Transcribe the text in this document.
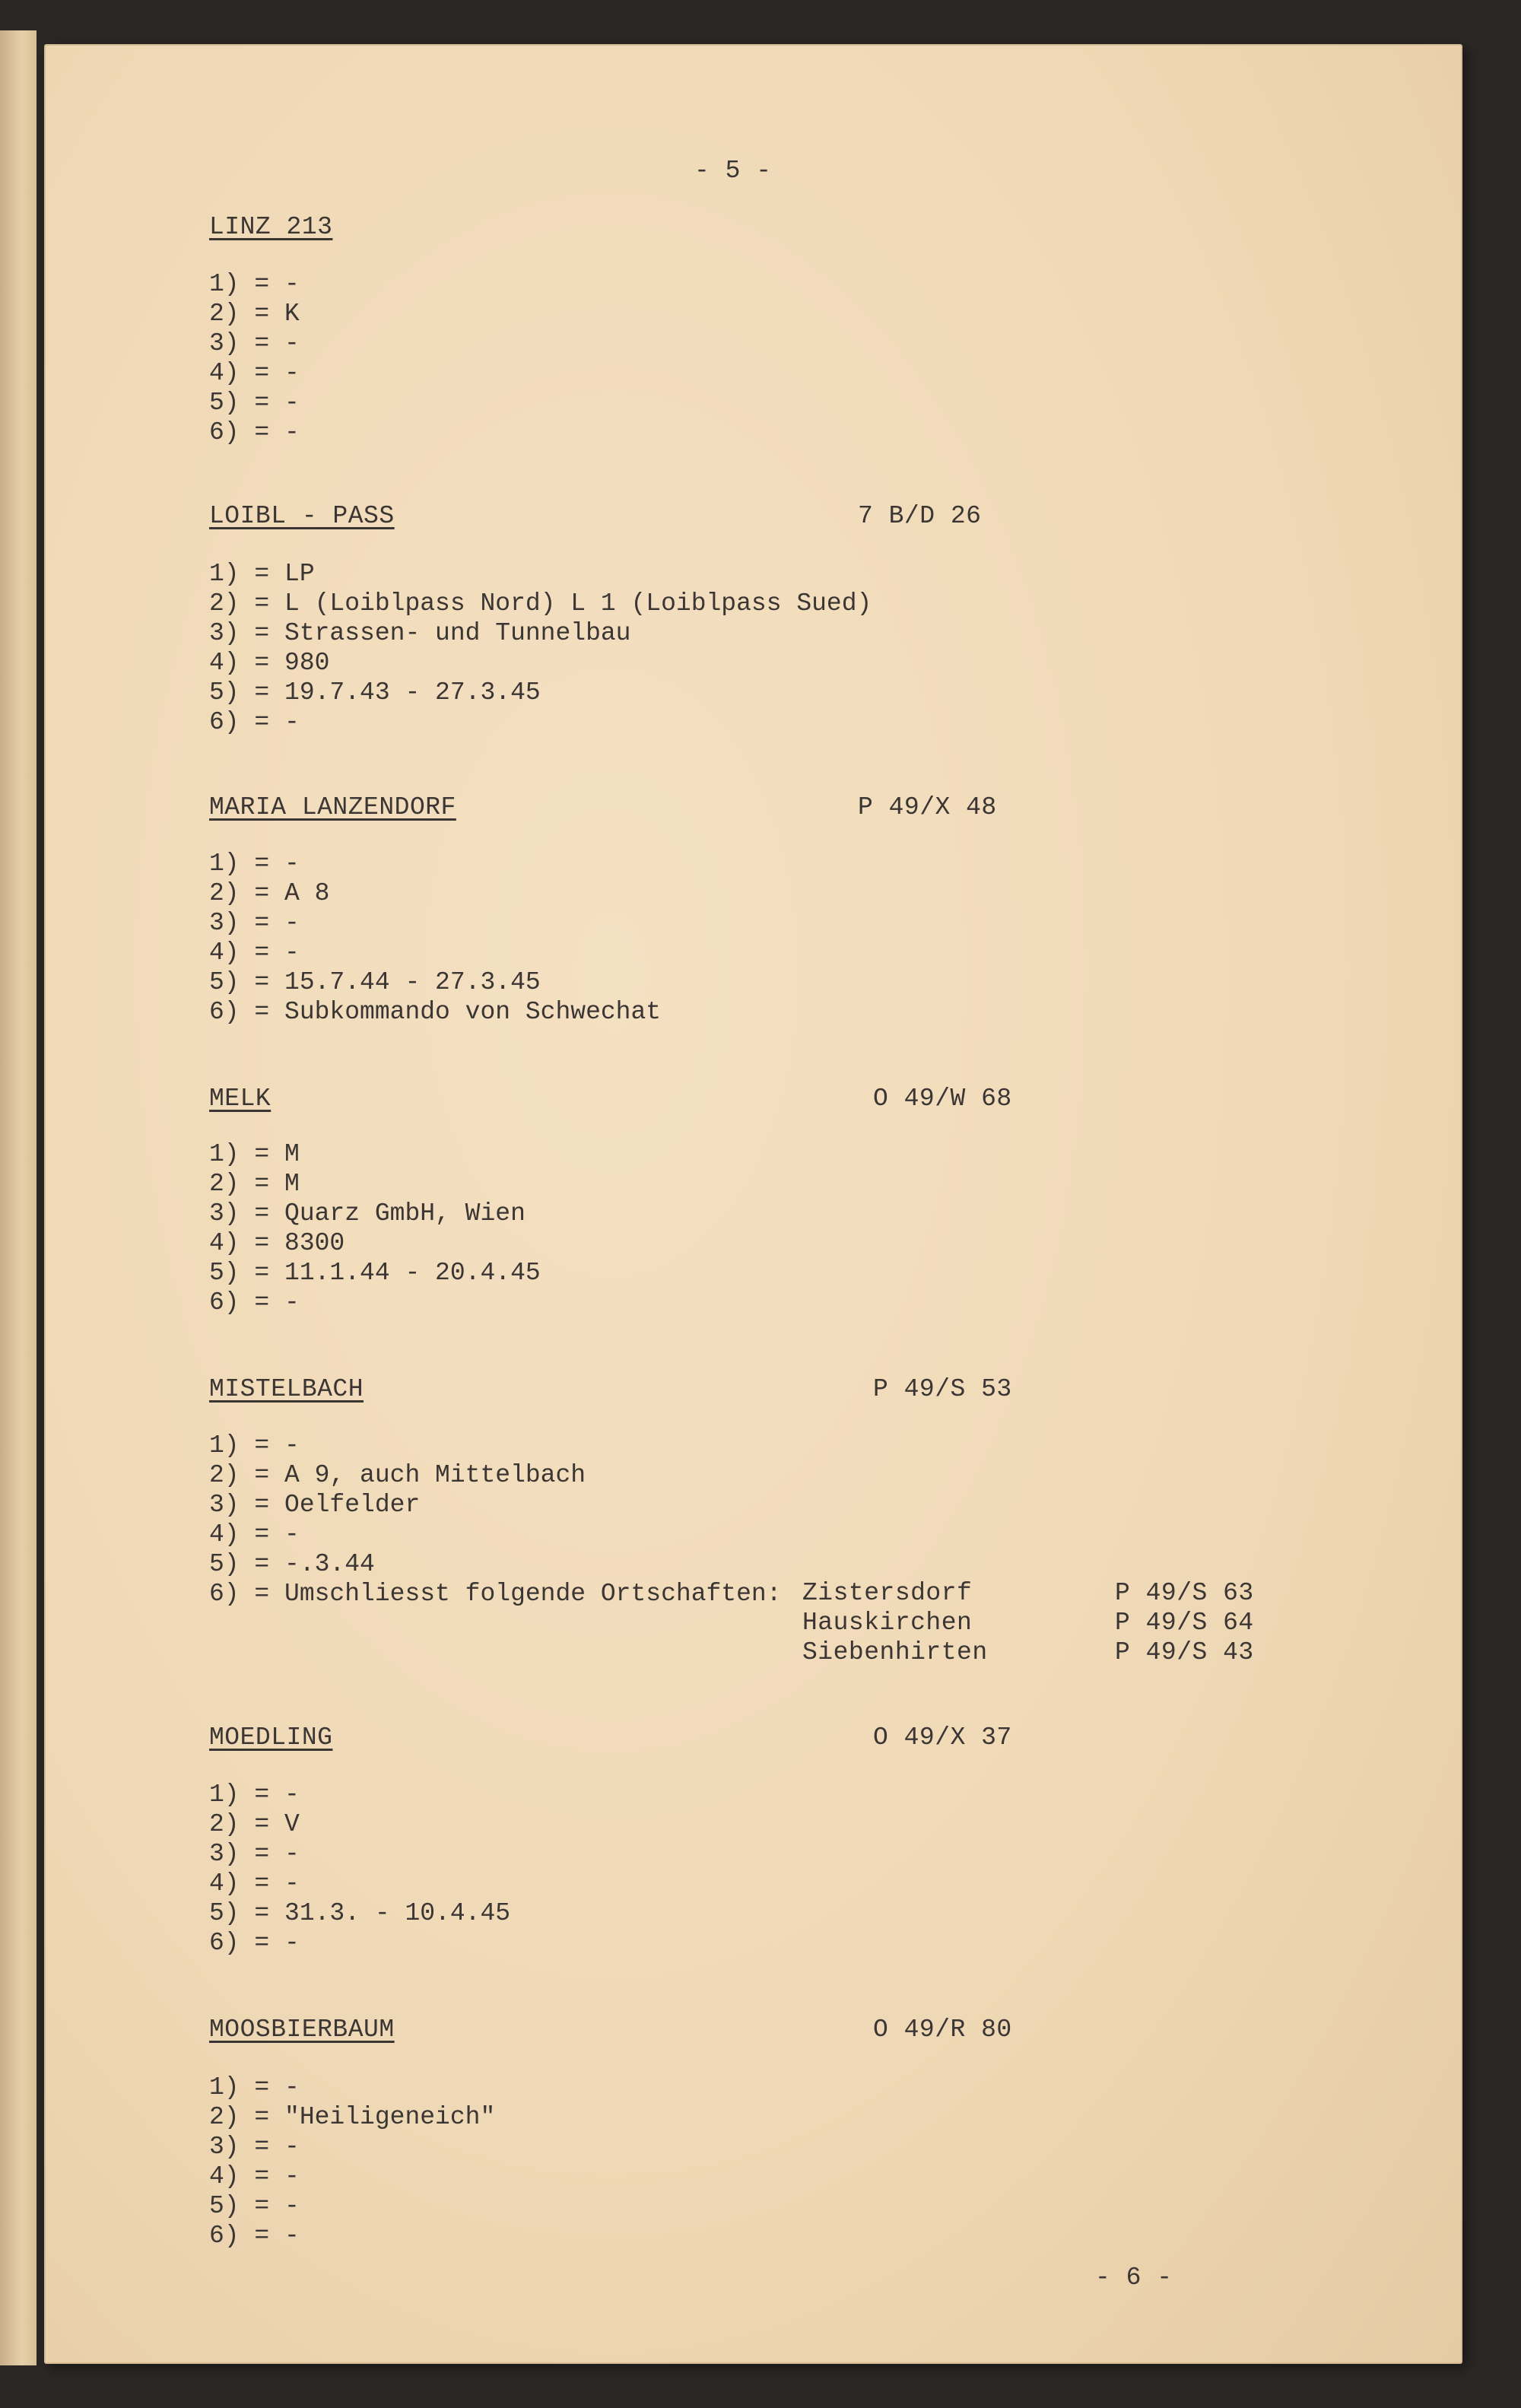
- 5 -
LINZ 213
1) = -
2) = K
3) = -
4) = -
5) = -
6) = -
LOIBL - PASS	7 B/D 26
1) = LP
2) = L (Loiblpass Nord) L 1 (Loiblpass Sued)
3) = Strassen- und Tunnelbau
4) = 980
5) = 19.7.43 - 27.3.45
6) = -
MARIA LANZENDORF	P 49/X 48
1) = -
2) = A 8
3) = -
4) = -
5) = 15.7.44 - 27.3.45
6) = Subkommando von Schwechat
MELK	O 49/W 68
1) = M
2) = M
3) = Quarz GmbH, Wien
4) = 8300
5) = 11.1.44 - 20.4.45
6) = -
MISTELBACH	P 49/S 53
1) = -
2) = A 9, auch Mittelbach
3) = Oelfelder
4) = -
5) = -.3.44
6) = Umschliesst folgende Ortschaften: Zistersdorf	P 49/S 63
Hauskirchen	P 49/S 64
Siebenhirten	P 49/S 43
MOEDLING	O 49/X 37
1) = -
2) = V
3) = -
4) = -
5) = 31.3. - 10.4.45
6) = -
MOOSBIERBAUM	O 49/R 80
1) = -
2) = "Heiligeneich"
3) = -
4) = -
5) = -
6) = -
- 6 -
